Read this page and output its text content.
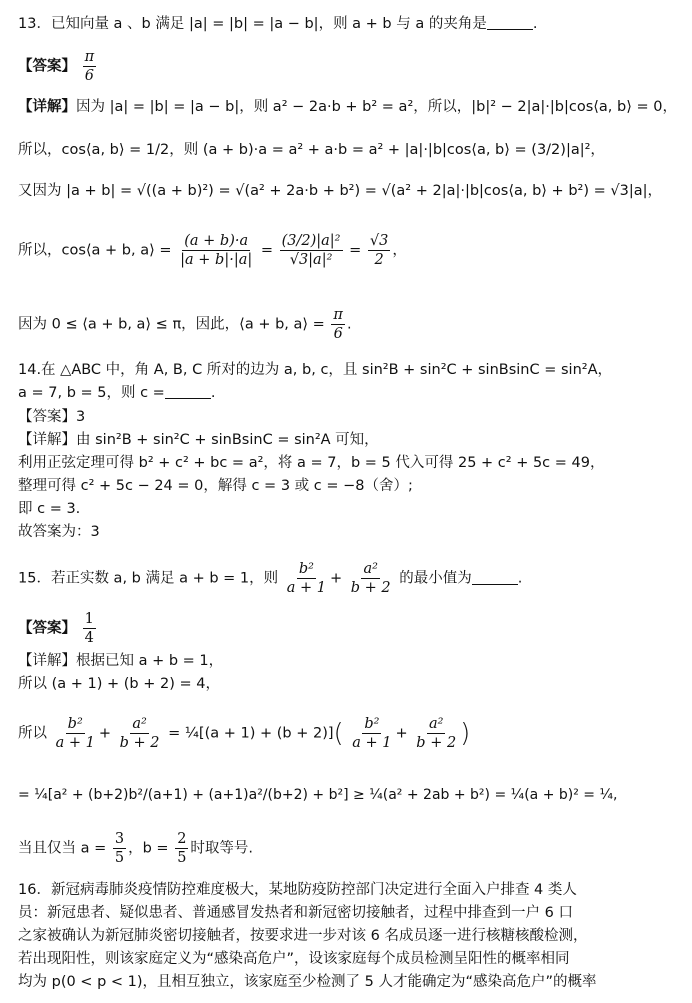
13．已知向量 a 、b 满足 |a| = |b| = |a − b|，则 a + b 与 a 的夹角是	.
【答案】 $\frac{\pi}{6}$
【详解】因为 |a| = |b| = |a − b|，则 a² − 2a·b + b² = a²，所以，|b|² − 2|a|·|b|cos⟨a, b⟩ = 0，
所以，cos⟨a, b⟩ = 1/2，则 (a + b)·a = a² + a·b = a² + |a|·|b|cos⟨a, b⟩ = (3/2)|a|²，
又因为 |a + b| = √((a + b)²) = √(a² + 2a·b + b²) = √(a² + 2|a|·|b|cos⟨a, b⟩ + b²) = √3|a|，
所以，cos⟨a + b, a⟩ = $\frac{(a + b)\cdot a}{|a + b|\cdot|a|} = \frac{\text{(3/2)|a|²}}{\text{√3|a|²}} = \frac{√3}{2}$ ，
因为 0 ≤ ⟨a + b, a⟩ ≤ π，因此，⟨a + b, a⟩ = $\frac{\pi}{6}$ .
14.在 △ABC 中，角 A, B, C 所对的边为 a, b, c，且 sin²B + sin²C + sinBsinC = sin²A，
a = 7, b = 5，则 c =	.
【答案】3
【详解】由 sin²B + sin²C + sinBsinC = sin²A 可知，
利用正弦定理可得 b² + c² + bc = a²，将 a = 7，b = 5 代入可得 25 + c² + 5c = 49，
整理可得 c² + 5c − 24 = 0，解得 c = 3 或 c = −8（舍）;
即 c = 3.
故答案为：3
15．若正实数 a, b 满足 a + b = 1，则 $\frac{\text{b²}}{a + 1} + \frac{\text{a²}}{b + 2}$ 的最小值为	.
【答案】 $\frac{1}{4}$
【详解】根据已知 a + b = 1，
所以 (a + 1) + (b + 2) = 4，
所以 $\frac{\text{b²}}{a + 1} + \frac{\text{a²}}{b + 2}$ = ¼[(a + $1) + (b + 2)]( \frac{\text{b²}}{a + 1} + \frac{\text{a²}}{b + 2}$ )
= ¼[a² + (b+2)b²/(a+1) + (a+1)a²/(b+2) + b²] ≥ ¼(a² + 2ab + b²) = ¼(a + b)² = ¼,
当且仅当 $a = \frac{3}{5}$ ，$b = \frac{2}{5}$ 时取等号.
16．新冠病毒肺炎疫情防控难度极大，某地防疫防控部门决定进行全面入户排查 4 类人
员：新冠患者、疑似患者、普通感冒发热者和新冠密切接触者，过程中排查到一户 6 口
之家被确认为新冠肺炎密切接触者，按要求进一步对该 6 名成员逐一进行核糖核酸检测，
若出现阳性，则该家庭定义为“感染高危户”，设该家庭每个成员检测呈阳性的概率相同
均为 p(0 < p < 1)，且相互独立，该家庭至少检测了 5 人才能确定为“感染高危户”的概率
